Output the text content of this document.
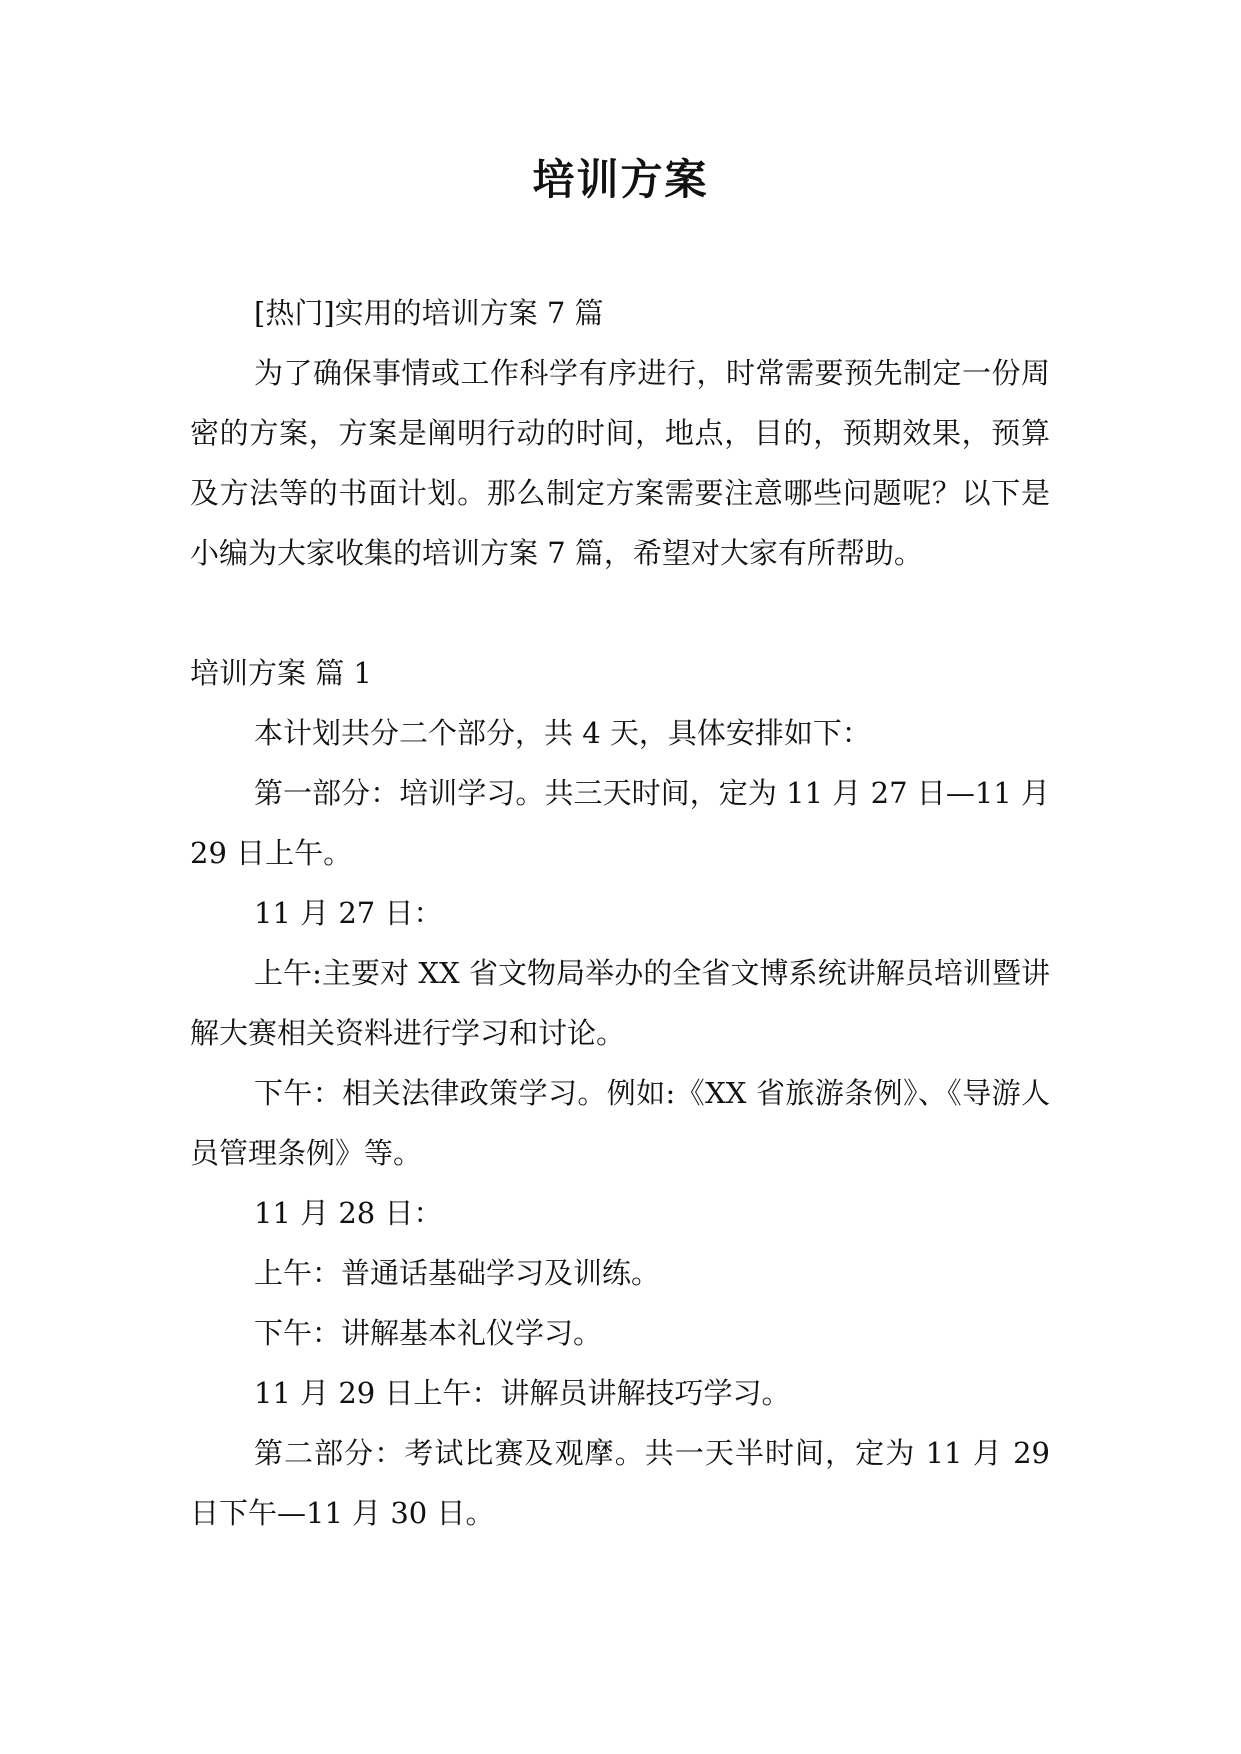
培训方案

[热门]实用的培训方案 7 篇

为了确保事情或工作科学有序进行，时常需要预先制定一份周密的方案，方案是阐明行动的时间，地点，目的，预期效果，预算及方法等的书面计划。那么制定方案需要注意哪些问题呢？以下是小编为大家收集的培训方案 7 篇，希望对大家有所帮助。

培训方案 篇 1

本计划共分二个部分，共 4 天，具体安排如下：

第一部分：培训学习。共三天时间，定为 11 月 27 日—11 月 29 日上午。

11 月 27 日：

上午:主要对 XX 省文物局举办的全省文博系统讲解员培训暨讲解大赛相关资料进行学习和讨论。

下午：相关法律政策学习。例如:《XX 省旅游条例》、《导游人员管理条例》等。

11 月 28 日：

上午：普通话基础学习及训练。

下午：讲解基本礼仪学习。

11 月 29 日上午：讲解员讲解技巧学习。

第二部分：考试比赛及观摩。共一天半时间，定为 11 月 29 日下午—11 月 30 日。
